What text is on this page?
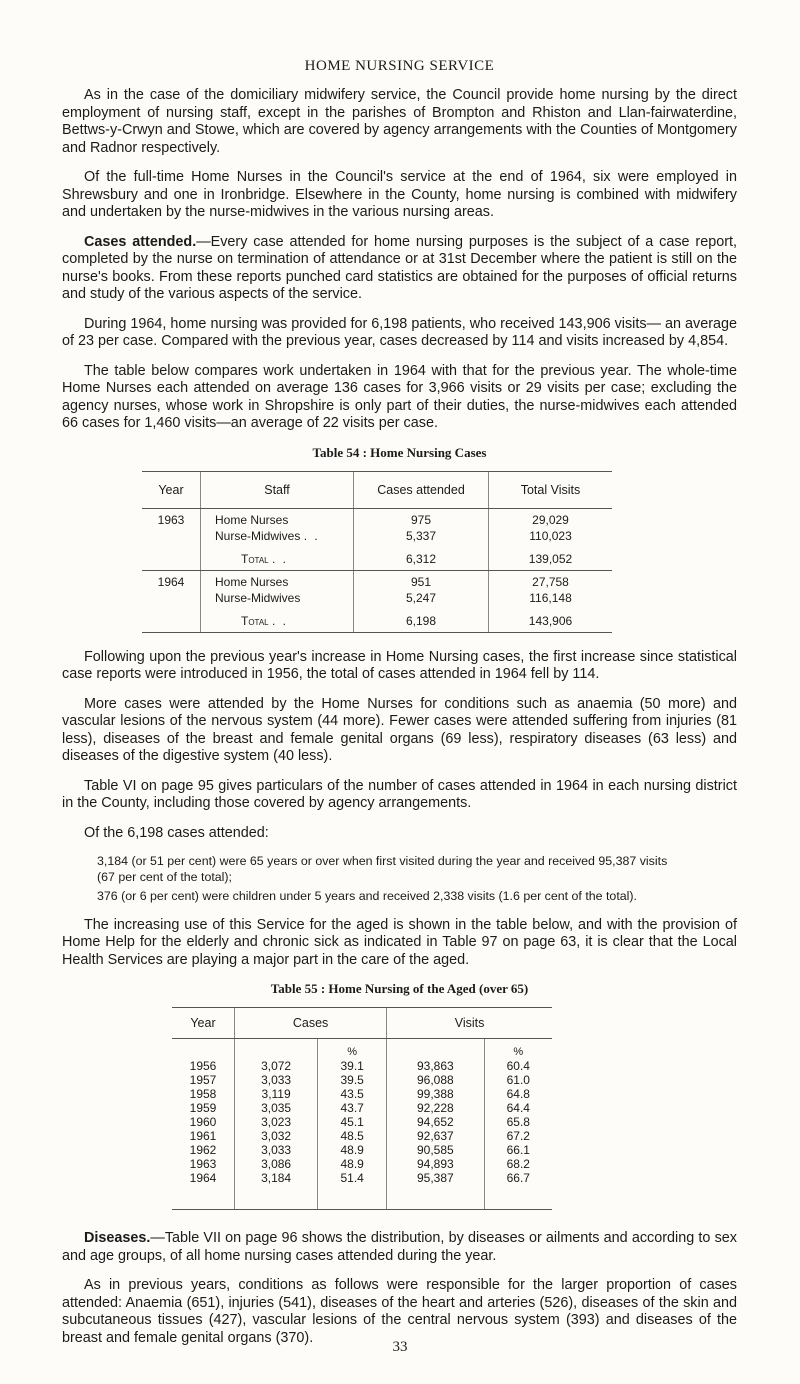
HOME NURSING SERVICE

As in the case of the domiciliary midwifery service, the Council provide home nursing by the direct employment of nursing staff, except in the parishes of Brompton and Rhiston and Llan-fairwaterdine, Bettws-y-Crwyn and Stowe, which are covered by agency arrangements with the Counties of Montgomery and Radnor respectively.

Of the full-time Home Nurses in the Council's service at the end of 1964, six were employed in Shrewsbury and one in Ironbridge. Elsewhere in the County, home nursing is combined with midwifery and undertaken by the nurse-midwives in the various nursing areas.

Cases attended.—Every case attended for home nursing purposes is the subject of a case report, completed by the nurse on termination of attendance or at 31st December where the patient is still on the nurse's books. From these reports punched card statistics are obtained for the purposes of official returns and study of the various aspects of the service.

During 1964, home nursing was provided for 6,198 patients, who received 143,906 visits— an average of 23 per case. Compared with the previous year, cases decreased by 114 and visits increased by 4,854.

The table below compares work undertaken in 1964 with that for the previous year. The whole-time Home Nurses each attended on average 136 cases for 3,966 visits or 29 visits per case; excluding the agency nurses, whose work in Shropshire is only part of their duties, the nurse-midwives each attended 66 cases for 1,460 visits—an average of 22 visits per case.

Table 54 : Home Nursing Cases
Year	Staff	Cases attended	Total Visits
1963	Home Nurses	975	29,029
	Nurse-Midwives . .	5,337	110,023
	Total . .	6,312	139,052
1964	Home Nurses	951	27,758
	Nurse-Midwives	5,247	116,148
	Total . .	6,198	143,906

Following upon the previous year's increase in Home Nursing cases, the first increase since statistical case reports were introduced in 1956, the total of cases attended in 1964 fell by 114.

More cases were attended by the Home Nurses for conditions such as anaemia (50 more) and vascular lesions of the nervous system (44 more). Fewer cases were attended suffering from injuries (81 less), diseases of the breast and female genital organs (69 less), respiratory diseases (63 less) and diseases of the digestive system (40 less).

Table VI on page 95 gives particulars of the number of cases attended in 1964 in each nursing district in the County, including those covered by agency arrangements.

Of the 6,198 cases attended:

3,184 (or 51 per cent) were 65 years or over when first visited during the year and received 95,387 visits
(67 per cent of the total);

376 (or 6 per cent) were children under 5 years and received 2,338 visits (1.6 per cent of the total).

The increasing use of this Service for the aged is shown in the table below, and with the provision of Home Help for the elderly and chronic sick as indicated in Table 97 on page 63, it is clear that the Local Health Services are playing a major part in the care of the aged.

Table 55 : Home Nursing of the Aged (over 65)
Year	Cases		Visits	
		%		%
1956	3,072	39.1	93,863	60.4
1957	3,033	39.5	96,088	61.0
1958	3,119	43.5	99,388	64.8
1959	3,035	43.7	92,228	64.4
1960	3,023	45.1	94,652	65.8
1961	3,032	48.5	92,637	67.2
1962	3,033	48.9	90,585	66.1
1963	3,086	48.9	94,893	68.2
1964	3,184	51.4	95,387	66.7

Diseases.—Table VII on page 96 shows the distribution, by diseases or ailments and according to sex and age groups, of all home nursing cases attended during the year.

As in previous years, conditions as follows were responsible for the larger proportion of cases attended: Anaemia (651), injuries (541), diseases of the heart and arteries (526), diseases of the skin and subcutaneous tissues (427), vascular lesions of the central nervous system (393) and diseases of the breast and female genital organs (370).

33
